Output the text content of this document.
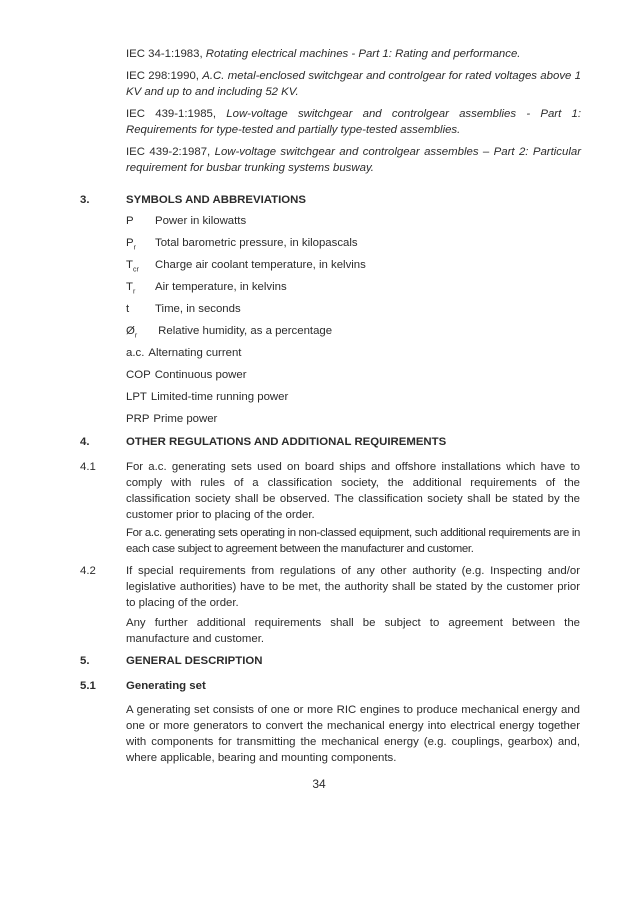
IEC 34-1:1983, Rotating electrical machines - Part 1: Rating and performance.
IEC 298:1990, A.C. metal-enclosed switchgear and controlgear for rated voltages above 1 KV and up to and including 52 KV.
IEC 439-1:1985, Low-voltage switchgear and controlgear assemblies - Part 1: Requirements for type-tested and partially type-tested assemblies.
IEC 439-2:1987, Low-voltage switchgear and controlgear assembles – Part 2: Particular requirement for busbar trunking systems busway.
3.	SYMBOLS AND ABBREVIATIONS
P Power in kilowatts
$P_r$ Total barometric pressure, in kilopascals
$T_{cr}$ Charge air coolant temperature, in kelvins
$T_r$ Air temperature, in kelvins
t Time, in seconds
$Ø_r$ Relative humidity, as a percentage
a.c. Alternating current
COP Continuous power
LPT Limited-time running power
PRP Prime power
4.	OTHER REGULATIONS AND ADDITIONAL REQUIREMENTS
4.1	For a.c. generating sets used on board ships and offshore installations which have to comply with rules of a classification society, the additional requirements of the classification society shall be observed. The classification society shall be stated by the customer prior to placing of the order.
For a.c. generating sets operating in non-classed equipment, such additional requirements are in each case subject to agreement between the manufacturer and customer.
4.2	If special requirements from regulations of any other authority (e.g. Inspecting and/or legislative authorities) have to be met, the authority shall be stated by the customer prior to placing of the order.
Any further additional requirements shall be subject to agreement between the manufacture and customer.
5.	GENERAL DESCRIPTION
5.1	Generating set
A generating set consists of one or more RIC engines to produce mechanical energy and one or more generators to convert the mechanical energy into electrical energy together with components for transmitting the mechanical energy (e.g. couplings, gearbox) and, where applicable, bearing and mounting components.
34
